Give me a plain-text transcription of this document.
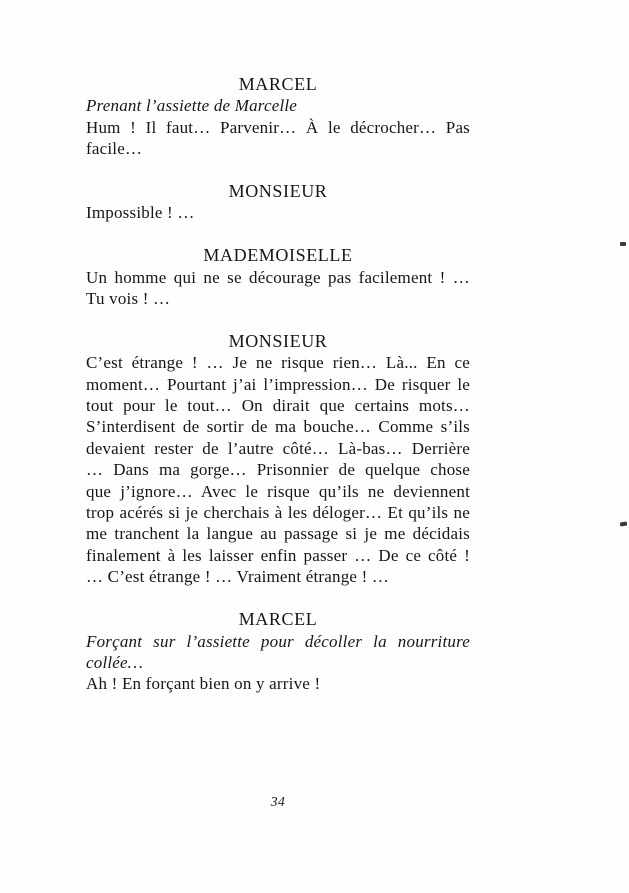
MARCEL
Prenant l’assiette de Marcelle
Hum ! Il faut… Parvenir… À le décrocher… Pas
facile…
MONSIEUR
Impossible ! …
MADEMOISELLE
Un homme qui ne se décourage pas facilement ! …
Tu vois ! …
MONSIEUR
C’est étrange ! … Je ne risque rien… Là... En ce
moment… Pourtant j’ai l’impression… De risquer le
tout pour le tout… On dirait que certains mots…
S’interdisent de sortir de ma bouche… Comme s’ils
devaient rester de l’autre côté… Là-bas… Derrière
… Dans ma gorge… Prisonnier de quelque chose
que j’ignore… Avec le risque qu’ils ne deviennent
trop acérés si je cherchais à les déloger… Et qu’ils ne
me tranchent la langue au passage si je me décidais
finalement à les laisser enfin passer … De ce côté !
… C’est étrange ! … Vraiment étrange ! …
MARCEL
Forçant sur l’assiette pour décoller la nourriture
collée…
Ah ! En forçant bien on y arrive !
34
